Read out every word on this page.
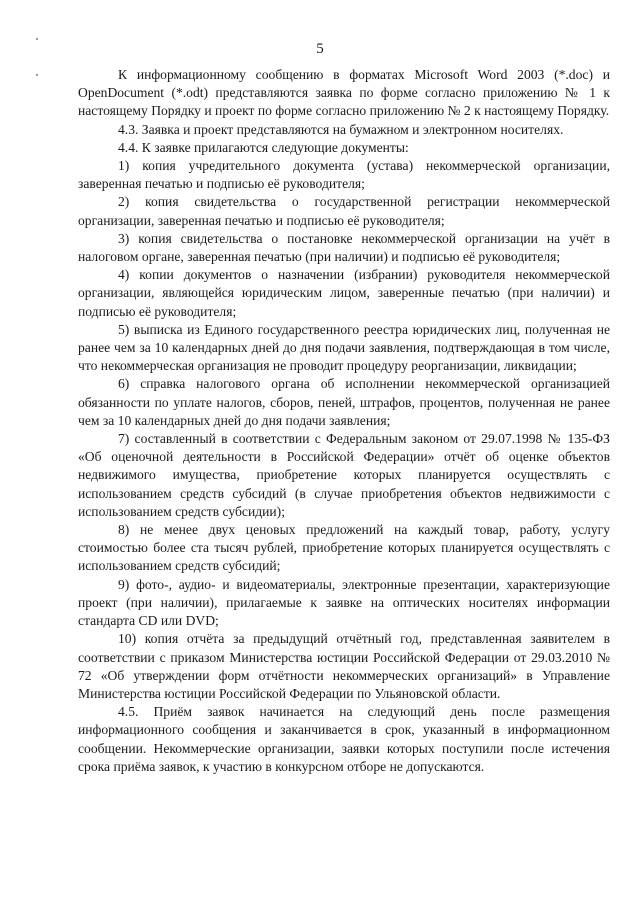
5

К информационному сообщению в форматах Microsoft Word 2003 (*.doc) и OpenDocument (*.odt) представляются заявка по форме согласно приложению № 1 к настоящему Порядку и проект по форме согласно приложению № 2 к настоящему Порядку.

4.3. Заявка и проект представляются на бумажном и электронном носителях.

4.4. К заявке прилагаются следующие документы:

1) копия учредительного документа (устава) некоммерческой организации, заверенная печатью и подписью её руководителя;

2) копия свидетельства о государственной регистрации некоммерческой организации, заверенная печатью и подписью её руководителя;

3) копия свидетельства о постановке некоммерческой организации на учёт в налоговом органе, заверенная печатью (при наличии) и подписью её руководителя;

4) копии документов о назначении (избрании) руководителя некоммерческой организации, являющейся юридическим лицом, заверенные печатью (при наличии) и подписью её руководителя;

5) выписка из Единого государственного реестра юридических лиц, полученная не ранее чем за 10 календарных дней до дня подачи заявления, подтверждающая в том числе, что некоммерческая организация не проводит процедуру реорганизации, ликвидации;

6) справка налогового органа об исполнении некоммерческой организацией обязанности по уплате налогов, сборов, пеней, штрафов, процентов, полученная не ранее чем за 10 календарных дней до дня подачи заявления;

7) составленный в соответствии с Федеральным законом от 29.07.1998 № 135-ФЗ «Об оценочной деятельности в Российской Федерации» отчёт об оценке объектов недвижимого имущества, приобретение которых планируется осуществлять с использованием средств субсидий (в случае приобретения объектов недвижимости с использованием средств субсидии);

8) не менее двух ценовых предложений на каждый товар, работу, услугу стоимостью более ста тысяч рублей, приобретение которых планируется осуществлять с использованием средств субсидий;

9) фото-, аудио- и видеоматериалы, электронные презентации, характеризующие проект (при наличии), прилагаемые к заявке на оптических носителях информации стандарта CD или DVD;

10) копия отчёта за предыдущий отчётный год, представленная заявителем в соответствии с приказом Министерства юстиции Российской Федерации от 29.03.2010 № 72 «Об утверждении форм отчётности некоммерческих организаций» в Управление Министерства юстиции Российской Федерации по Ульяновской области.

4.5. Приём заявок начинается на следующий день после размещения информационного сообщения и заканчивается в срок, указанный в информационном сообщении. Некоммерческие организации, заявки которых поступили после истечения срока приёма заявок, к участию в конкурсном отборе не допускаются.
